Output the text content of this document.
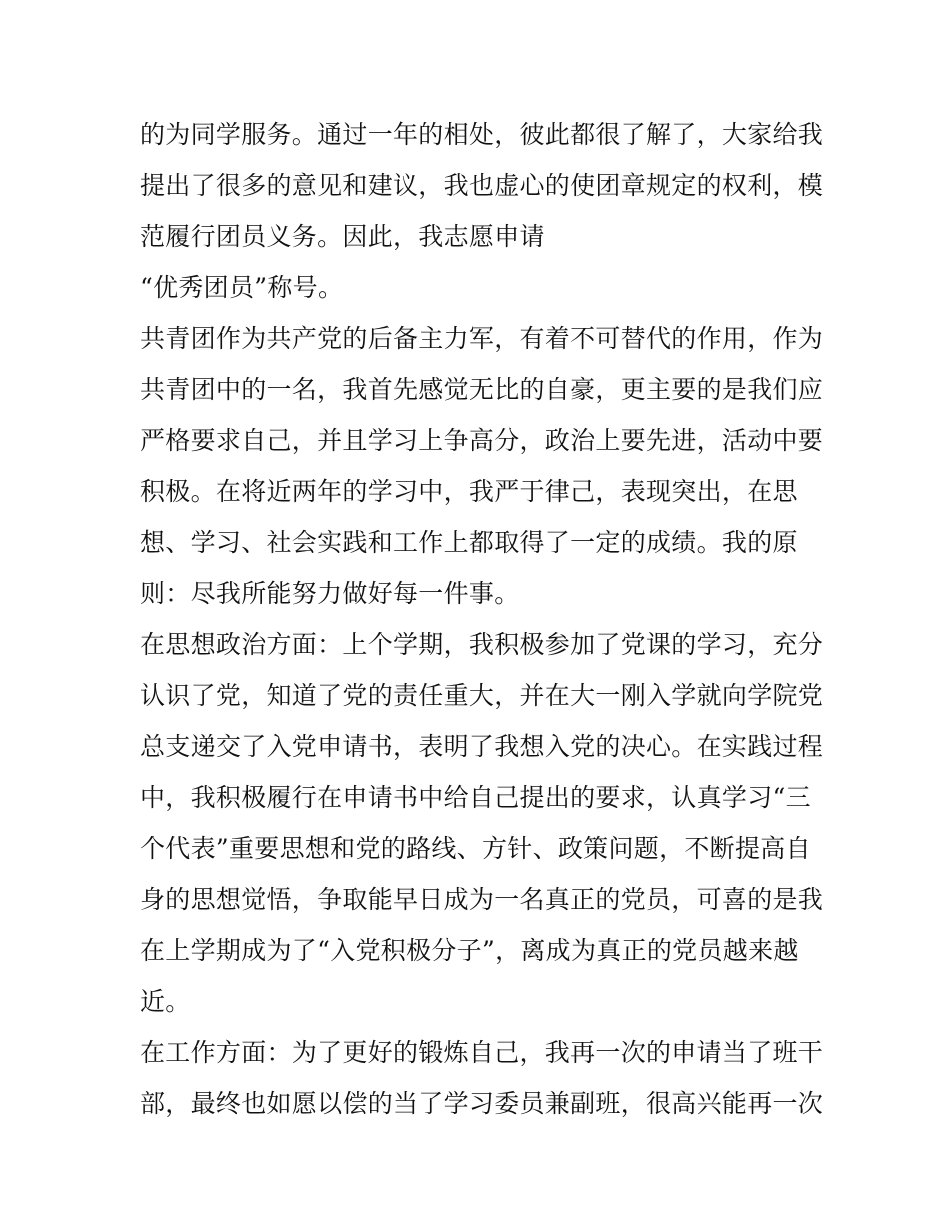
的为同学服务。通过一年的相处，彼此都很了解了，大家给我
提出了很多的意见和建议，我也虚心的使团章规定的权利，模
范履行团员义务。因此，我志愿申请
“优秀团员”称号。
共青团作为共产党的后备主力军，有着不可替代的作用，作为
共青团中的一名，我首先感觉无比的自豪，更主要的是我们应
严格要求自己，并且学习上争高分，政治上要先进，活动中要
积极。在将近两年的学习中，我严于律己，表现突出，在思
想、学习、社会实践和工作上都取得了一定的成绩。我的原
则：尽我所能努力做好每一件事。
在思想政治方面：上个学期，我积极参加了党课的学习，充分
认识了党，知道了党的责任重大，并在大一刚入学就向学院党
总支递交了入党申请书，表明了我想入党的决心。在实践过程
中，我积极履行在申请书中给自己提出的要求，认真学习“三
个代表”重要思想和党的路线、方针、政策问题，不断提高自
身的思想觉悟，争取能早日成为一名真正的党员，可喜的是我
在上学期成为了“入党积极分子”，离成为真正的党员越来越
近。
在工作方面：为了更好的锻炼自己，我再一次的申请当了班干
部，最终也如愿以偿的当了学习委员兼副班，很高兴能再一次
